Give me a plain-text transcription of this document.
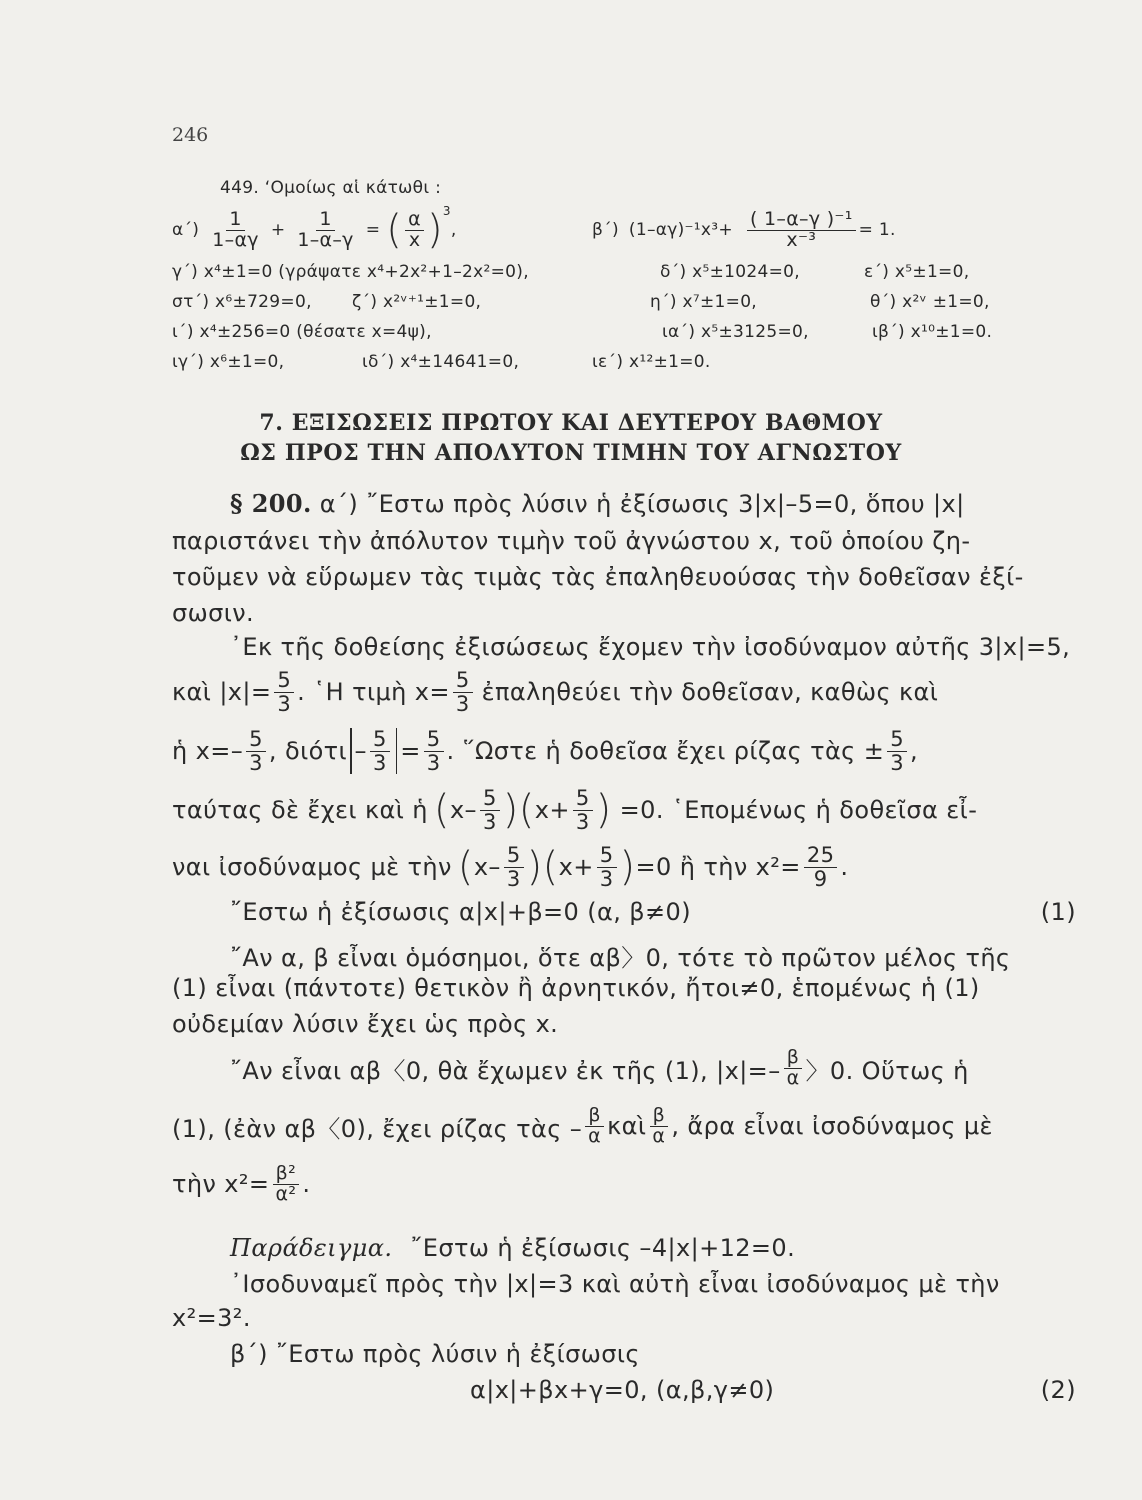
246
449. ‘Ομοίως αἱ κάτωθι :
$\alpha΄) \frac{1}{1-\alpha\gamma} + \frac{1}{1-\alpha-\gamma}$ = ( $\frac{\alpha}{x}$ ) 3
,	β΄) $(1-\alpha\gamma)^{-1}x^3+ \frac{\text{( 1–α–γ )⁻¹}}{\text{x⁻³}} = 1$.
γ΄) x⁴±1=0 (γράψατε x⁴+2x²+1–2x²=0),	δ΄) x⁵±1024=0,	ε΄) x⁵±1=0,
στ΄) x⁶±729=0, ζ΄) x²ᵛ⁺¹±1=0,	η΄) x⁷±1=0,	θ΄) x²ᵛ ±1=0,
ι΄) x⁴±256=0 (θέσατε x=4ψ),	ια΄) x⁵±3125=0,	ιβ΄) x¹⁰±1=0.
ιγ΄) x⁶±1=0,	ιδ΄) x⁴±14641=0,	ιε΄) x¹²±1=0.
7. ΕΞΙΣΩΣΕΙΣ ΠΡΩΤΟΥ ΚΑΙ ΔΕΥΤΕΡΟΥ ΒΑΘΜΟΥ
ΩΣ ΠΡΟΣ ΤΗΝ ΑΠΟΛΥΤΟΝ ΤΙΜΗΝ ΤΟΥ ΑΓΝΩΣΤΟΥ
§ 200. α΄) ῎Εστω πρὸς λύσιν ἡ ἐξίσωσις 3|x|–5=0, ὅπου |x|
παριστάνει τὴν ἀπόλυτον τιμὴν τοῦ ἀγνώστου x, τοῦ ὁποίου ζη-
τοῦμεν νὰ εὕρωμεν τὰς τιμὰς τὰς ἐπαληθευούσας τὴν δοθεῖσαν ἐξί-
σωσιν.
᾿Εκ τῆς δοθείσης ἐξισώσεως ἔχομεν τὴν ἰσοδύναμον αὐτῆς 3|x|=5,
καὶ $|x|= \frac{5}{3}$ . ῾Η τιμὴ $x= \frac{5}{3}$ ἐπαληθεύει τὴν δοθεῖσαν, καθὼς καὶ
ἡ $x=- \frac{5}{3}$ , $\delta\iota ό\tau\iota - \frac{5}{3} = \frac{5}{3}$ . ῞Ωστε ἡ δοθεῖσα ἔχει ρίζας τὰς ± $\frac{5}{3}$ ,
ταύτας δὲ ἔχει καὶ ἡ ( $x- \frac{5}{3}$ ) ( $x+ \frac{5}{3}$ ) =0. ῾Επομένως ἡ δοθεῖσα εἶ-
ναι ἰσοδύναμος μὲ τὴν ( $x- \frac{5}{3}$ ) ( $x+ \frac{5}{3}$ ) =0 ἢ τὴν $x^2= \frac{25}{9}$ .
῎Εστω ἡ ἐξίσωσις α|x|+β=0 (α, β≠0)	(1)
῎Αν α, β εἶναι ὁμόσημοι, ὅτε αβ〉0, τότε τὸ πρῶτον μέλος τῆς
(1) εἶναι (πάντοτε) θετικὸν ἢ ἀρνητικόν, ἤτοι≠0, ἑπομένως ἡ (1)
οὐδεμίαν λύσιν ἔχει ὡς πρὸς x.
῎Αν εἶναι αβ〈0, θὰ ἔχωμεν ἐκ τῆς (1), $|x|=- \frac{\beta}{\alpha}$ 〉0. Οὕτως ἡ
(1), (ἐὰν αβ〈0), ἔχει ρίζας τὰς – $\frac{\beta}{\alpha}$ καὶ $\frac{\beta}{\alpha}$ , ἄρα εἶναι ἰσοδύναμος μὲ
τὴν $x^2= \frac{\text{β²}}{\text{α²}}$ .
Παράδειγμα. ῎Εστω ἡ ἐξίσωσις –4|x|+12=0.
᾿Ισοδυναμεῖ πρὸς τὴν |x|=3 καὶ αὐτὴ εἶναι ἰσοδύναμος μὲ τὴν
x²=3².
β΄) ῎Εστω πρὸς λύσιν ἡ ἐξίσωσις
α|x|+βx+γ=0, (α,β,γ≠0)	(2)
